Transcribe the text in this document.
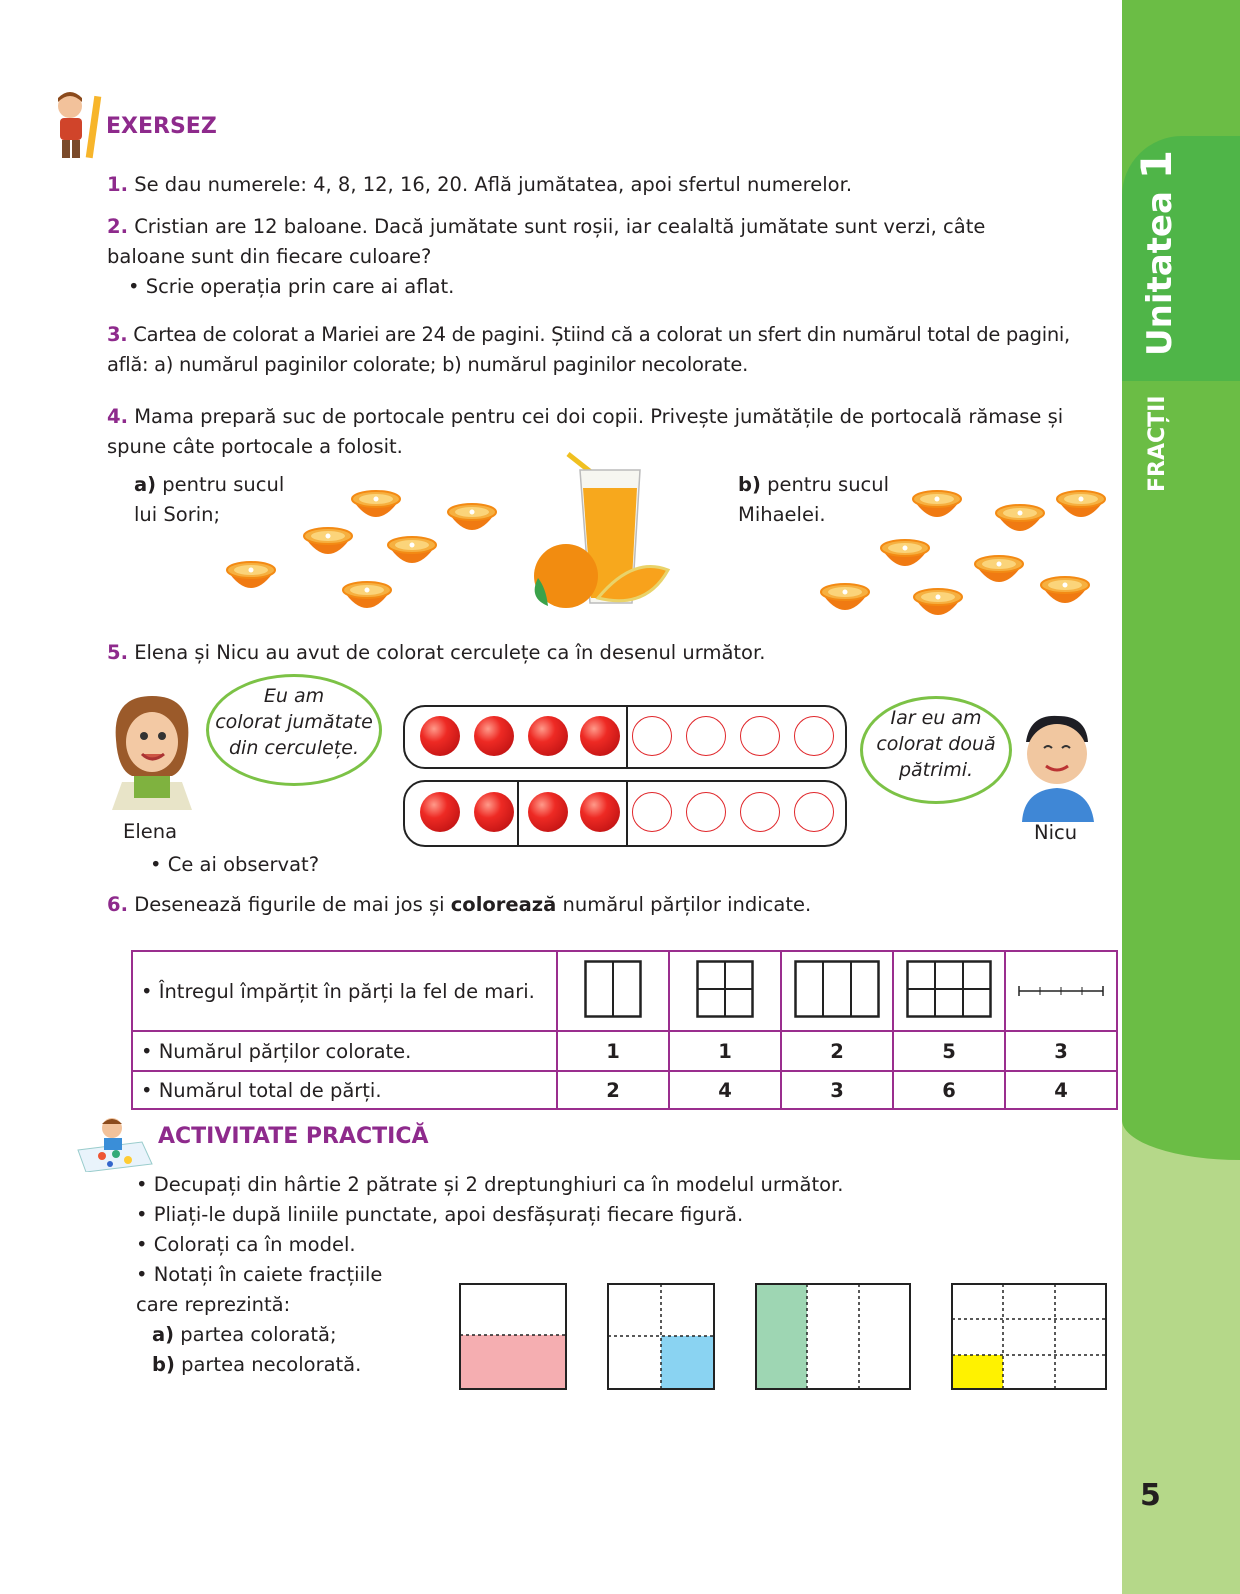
Unitatea 1
FRACȚII
5
EXERSEZ
1. Se dau numerele: 4, 8, 12, 16, 20. Află jumătatea, apoi sfertul numerelor.
2. Cristian are 12 baloane. Dacă jumătate sunt roșii, iar cealaltă jumătate sunt verzi, câte
baloane sunt din fiecare culoare?
• Scrie operația prin care ai aflat.
3. Cartea de colorat a Mariei are 24 de pagini. Știind că a colorat un sfert din numărul total de pagini,
află: a) numărul paginilor colorate; b) numărul paginilor necolorate.
4. Mama prepară suc de portocale pentru cei doi copii. Privește jumătățile de portocală rămase și
spune câte portocale a folosit.
a) pentru sucul
lui Sorin;
b) pentru sucul
Mihaelei.
5. Elena și Nicu au avut de colorat cerculețe ca în desenul următor.
Eu am
colorat jumătate
din cerculețe.
Elena
Iar eu am
colorat două
pătrimi.
Nicu
• Ce ai observat?
6. Desenează figurile de mai jos și colorează numărul părților indicate.
• Întregul împărțit în părți la fel de mari.					
• Numărul părților colorate.	1	1	2	5	3
• Numărul total de părți.	2	4	3	6	4
ACTIVITATE PRACTICĂ
• Decupați din hârtie 2 pătrate și 2 dreptunghiuri ca în modelul următor.
• Pliați-le după liniile punctate, apoi desfășurați fiecare figură.
• Colorați ca în model.
• Notați în caiete fracțiile
care reprezintă:
a) partea colorată;
b) partea necolorată.
